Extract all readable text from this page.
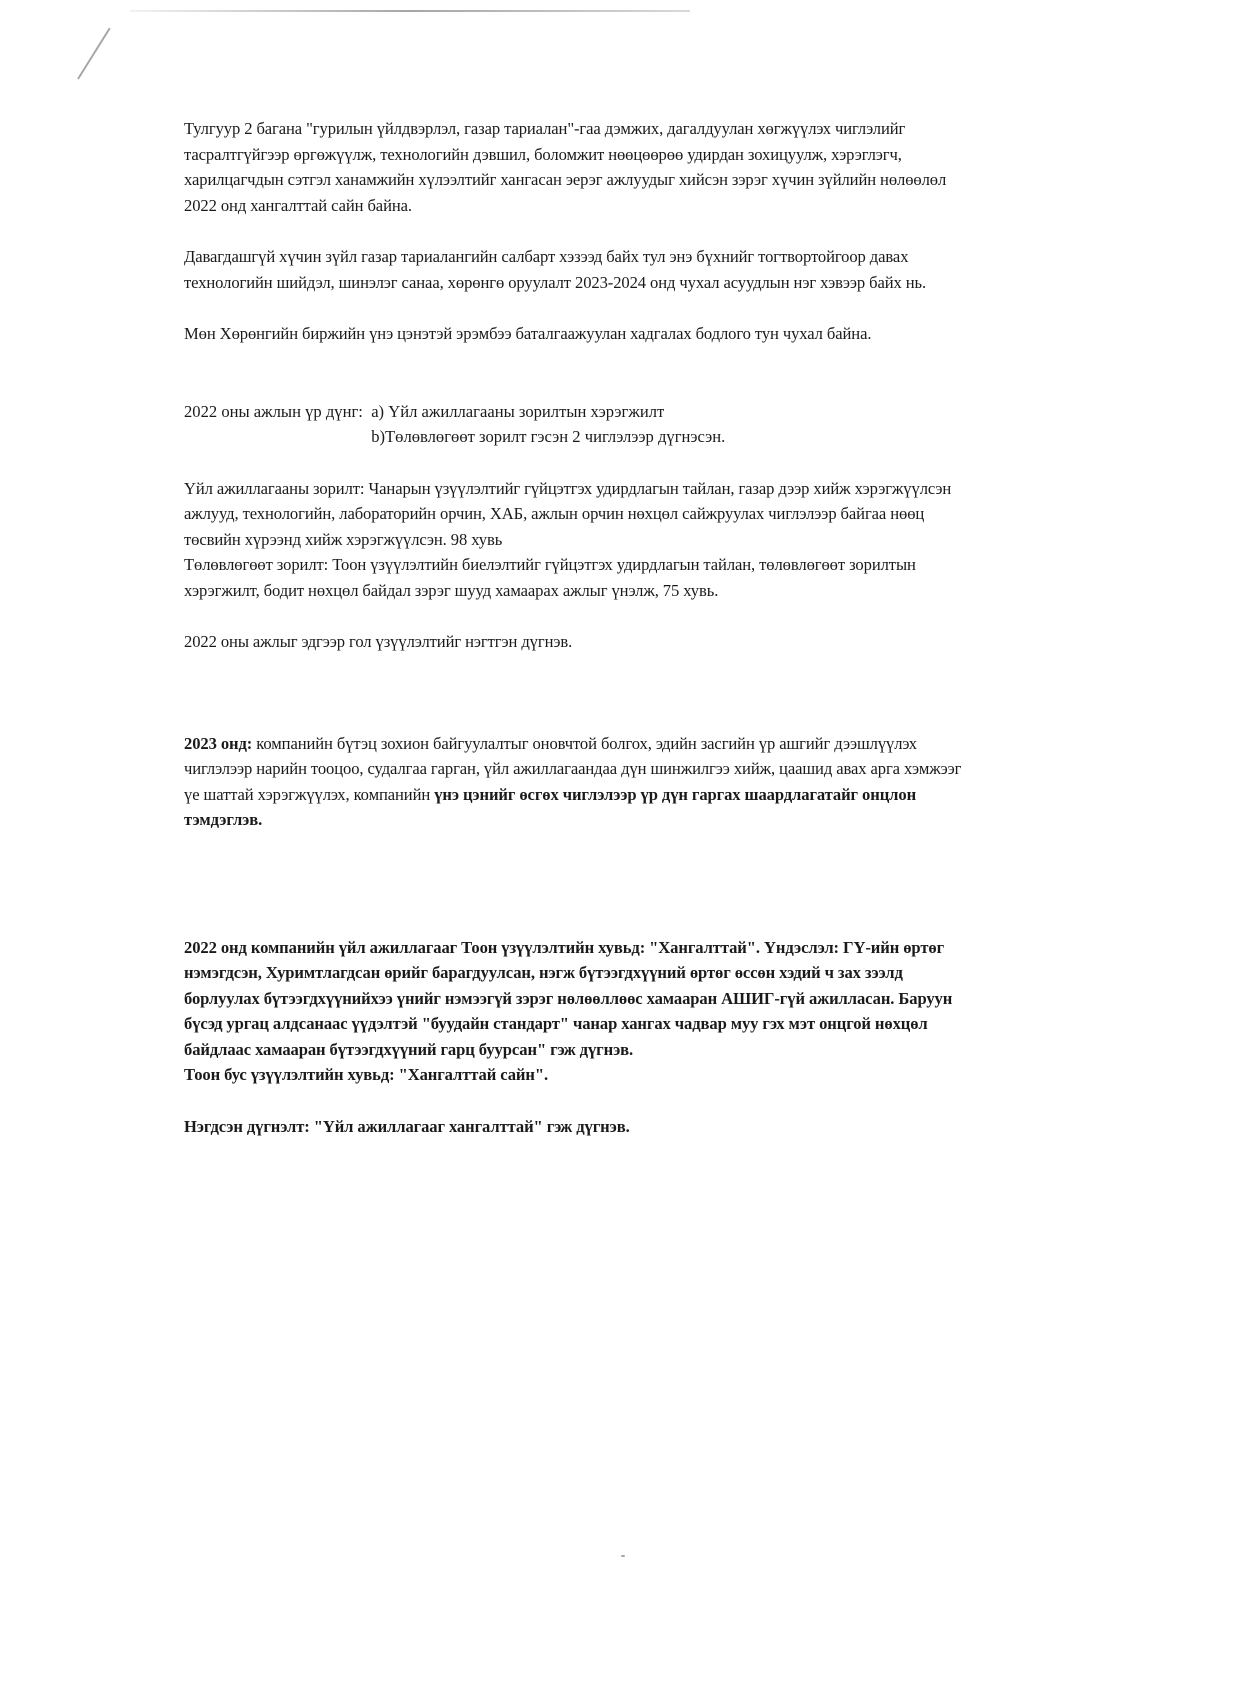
Тулгуур 2 багана "гурилын үйлдвэрлэл, газар тариалан"-гаа дэмжих, дагалдуулан хөгжүүлэх чиглэлийг
тасралтгүйгээр өргөжүүлж, технологийн дэвшил, боломжит нөөцөөрөө удирдан зохицуулж, хэрэглэгч,
харилцагчдын сэтгэл ханамжийн хүлээлтийг хангасан эерэг ажлуудыг хийсэн зэрэг хүчин зүйлийн нөлөөлөл
2022 онд хангалттай сайн байна.

Давагдашгүй хүчин зүйл газар тариалангийн салбарт хэзээд байх тул энэ бүхнийг тогтвортойгоор давах
технологийн шийдэл, шинэлэг санаа, хөрөнгө оруулалт 2023-2024 онд чухал асуудлын нэг хэвээр байх нь.

Мөн Хөрөнгийн биржийн үнэ цэнэтэй эрэмбээ баталгаажуулан хадгалах бодлого тун чухал байна.

2022 оны ажлын үр дүнг: а) Үйл ажиллагааны зорилтын хэрэгжилт
b)Төлөвлөгөөт зорилт гэсэн 2 чиглэлээр дүгнэсэн.

Үйл ажиллагааны зорилт: Чанарын үзүүлэлтийг гүйцэтгэх удирдлагын тайлан, газар дээр хийж хэрэгжүүлсэн
ажлууд, технологийн, лабораторийн орчин, ХАБ, ажлын орчин нөхцөл сайжруулах чиглэлээр байгаа нөөц
төсвийн хүрээнд хийж хэрэгжүүлсэн. 98 хувь
Төлөвлөгөөт зорилт: Тоон үзүүлэлтийн биелэлтийг гүйцэтгэх удирдлагын тайлан, төлөвлөгөөт зорилтын
хэрэгжилт, бодит нөхцөл байдал зэрэг шууд хамаарах ажлыг үнэлж, 75 хувь.

2022 оны ажлыг эдгээр гол үзүүлэлтийг нэгтгэн дүгнэв.

2023 онд: компанийн бүтэц зохион байгуулалтыг оновчтой болгох, эдийн засгийн үр ашгийг дээшлүүлэх
чиглэлээр нарийн тооцоо, судалгаа гарган, үйл ажиллагаандаа дүн шинжилгээ хийж, цаашид авах арга хэмжээг
үе шаттай хэрэгжүүлэх, компанийн үнэ цэнийг өсгөх чиглэлээр үр дүн гаргах шаардлагатайг онцлон
тэмдэглэв.

2022 онд компанийн үйл ажиллагааг Тоон үзүүлэлтийн хувьд: "Хангалттай". Үндэслэл: ГҮ-ийн өртөг
нэмэгдсэн, Хуримтлагдсан өрийг барагдуулсан, нэгж бүтээгдхүүний өртөг өссөн хэдий ч зах зээлд
борлуулах бүтээгдхүүнийхээ үнийг нэмээгүй зэрэг нөлөөллөөс хамааран АШИГ-гүй ажилласан. Баруун
бүсэд ургац алдсанаас үүдэлтэй "буудайн стандарт" чанар хангах чадвар муу гэх мэт онцгой нөхцөл
байдлаас хамааран бүтээгдхүүний гарц буурсан" гэж дүгнэв.
Тоон бус үзүүлэлтийн хувьд: "Хангалттай сайн".

Нэгдсэн дүгнэлт: "Үйл ажиллагааг хангалттай" гэж дүгнэв.
